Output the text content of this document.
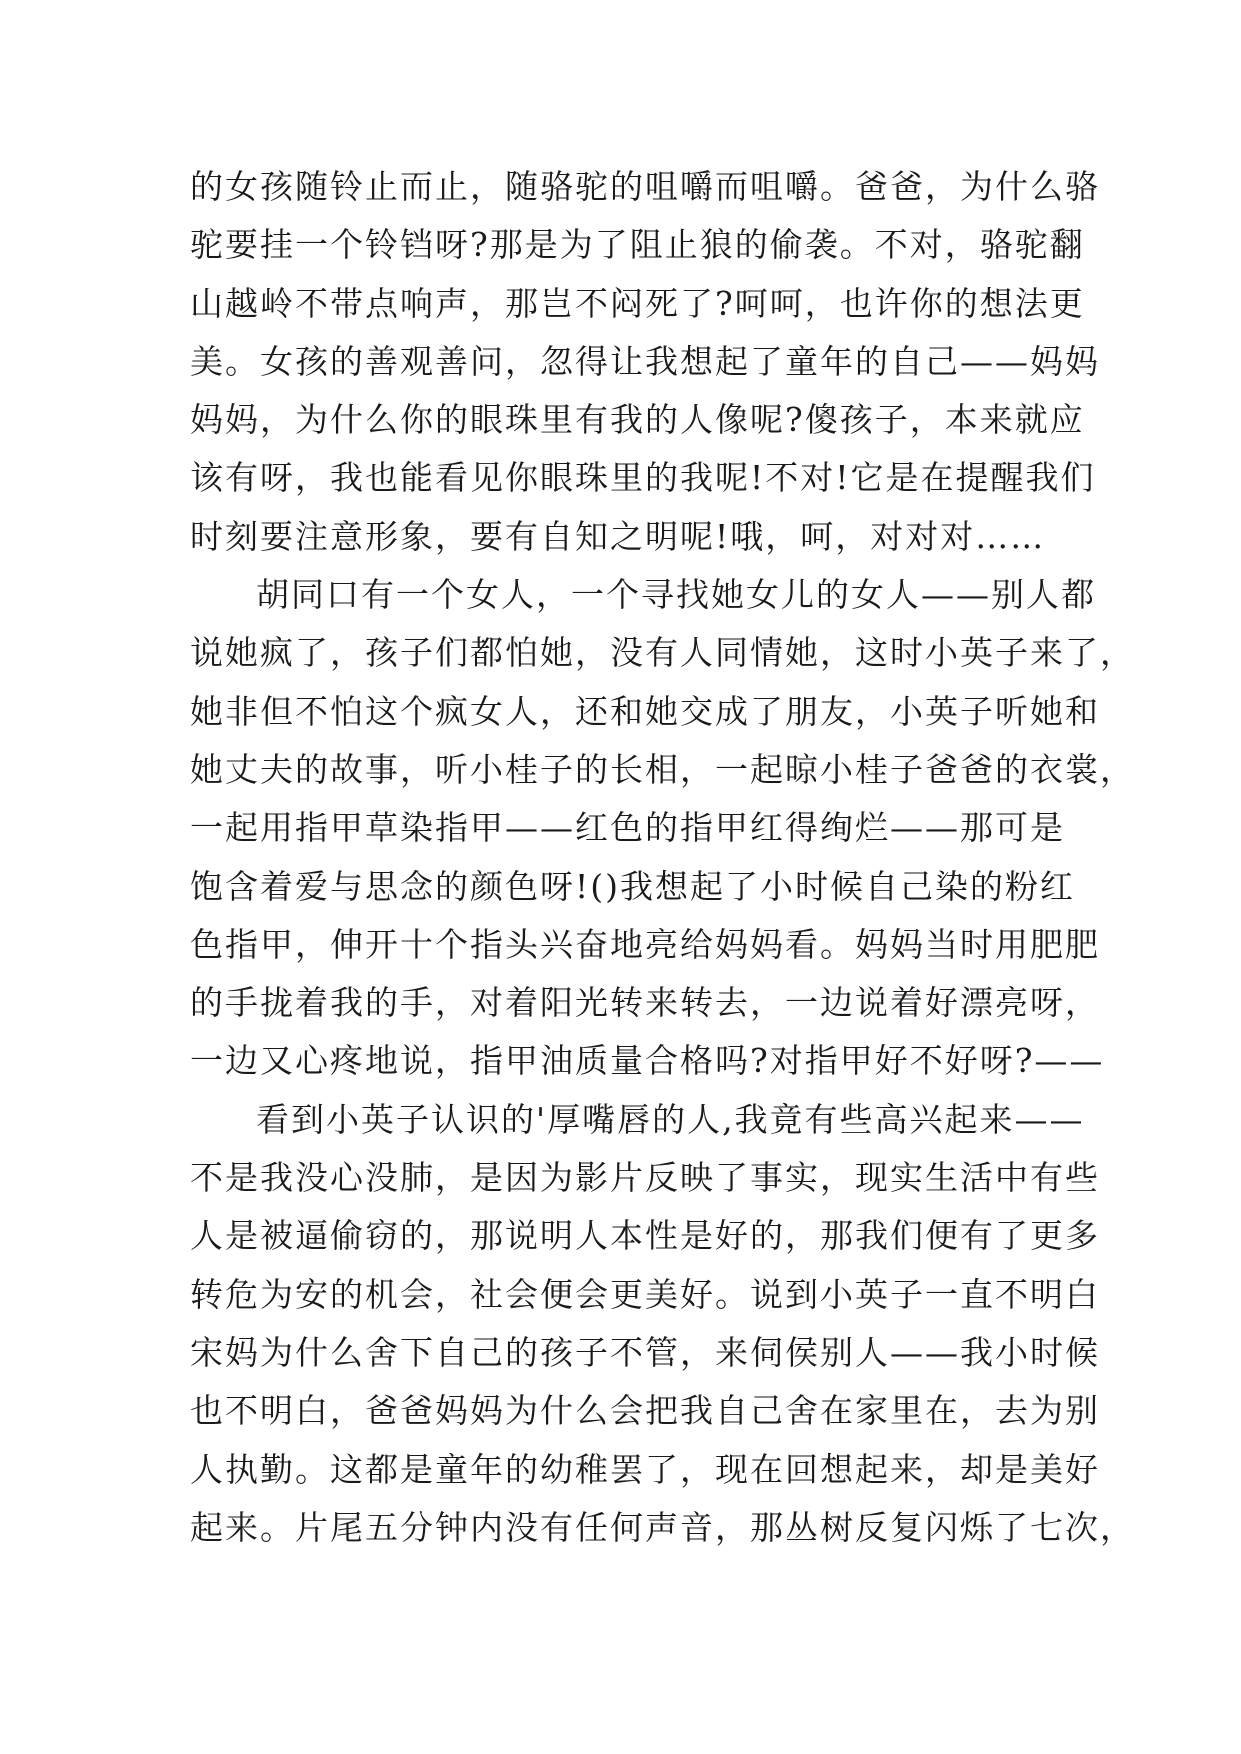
的女孩随铃止而止，随骆驼的咀嚼而咀嚼。爸爸，为什么骆
驼要挂一个铃铛呀?那是为了阻止狼的偷袭。不对，骆驼翻
山越岭不带点响声，那岂不闷死了?呵呵，也许你的想法更
美。女孩的善观善问，忽得让我想起了童年的自己——妈妈
妈妈，为什么你的眼珠里有我的人像呢?傻孩子，本来就应
该有呀，我也能看见你眼珠里的我呢!不对!它是在提醒我们
时刻要注意形象，要有自知之明呢!哦，呵，对对对……
胡同口有一个女人，一个寻找她女儿的女人——别人都
说她疯了，孩子们都怕她，没有人同情她，这时小英子来了，
她非但不怕这个疯女人，还和她交成了朋友，小英子听她和
她丈夫的故事，听小桂子的长相，一起晾小桂子爸爸的衣裳，
一起用指甲草染指甲——红色的指甲红得绚烂——那可是
饱含着爱与思念的颜色呀!()我想起了小时候自己染的粉红
色指甲，伸开十个指头兴奋地亮给妈妈看。妈妈当时用肥肥
的手拢着我的手，对着阳光转来转去，一边说着好漂亮呀，
一边又心疼地说，指甲油质量合格吗?对指甲好不好呀?——
看到小英子认识的'厚嘴唇的人,我竟有些高兴起来——
不是我没心没肺，是因为影片反映了事实，现实生活中有些
人是被逼偷窃的，那说明人本性是好的，那我们便有了更多
转危为安的机会，社会便会更美好。说到小英子一直不明白
宋妈为什么舍下自己的孩子不管，来伺侯别人——我小时候
也不明白，爸爸妈妈为什么会把我自己舍在家里在，去为别
人执勤。这都是童年的幼稚罢了，现在回想起来，却是美好
起来。片尾五分钟内没有任何声音，那丛树反复闪烁了七次，
